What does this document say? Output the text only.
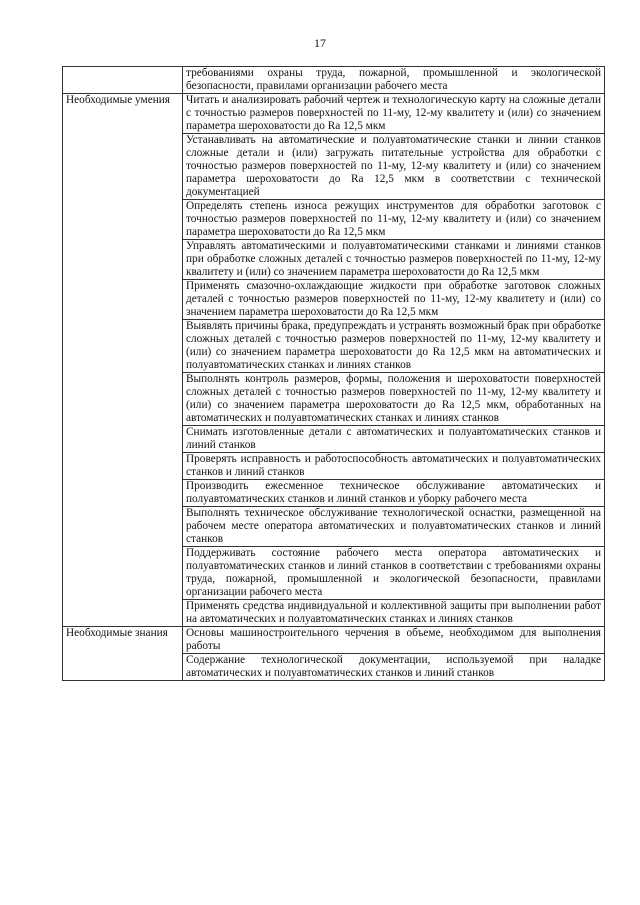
17
	требованиями охраны труда, пожарной, промышленной и экологической безопасности, правилами организации рабочего места
Необходимые умения	Читать и анализировать рабочий чертеж и технологическую карту на сложные детали с точностью размеров поверхностей по 11-му, 12-му квалитету и (или) со значением параметра шероховатости до Ra 12,5 мкм
	Устанавливать на автоматические и полуавтоматические станки и линии станков сложные детали и (или) загружать питательные устройства для обработки с точностью размеров поверхностей по 11-му, 12-му квалитету и (или) со значением параметра шероховатости до Ra 12,5 мкм в соответствии с технической документацией
	Определять степень износа режущих инструментов для обработки заготовок с точностью размеров поверхностей по 11-му, 12-му квалитету и (или) со значением параметра шероховатости до Ra 12,5 мкм
	Управлять автоматическими и полуавтоматическими станками и линиями станков при обработке сложных деталей с точностью размеров поверхностей по 11-му, 12-му квалитету и (или) со значением параметра шероховатости до Ra 12,5 мкм
	Применять смазочно-охлаждающие жидкости при обработке заготовок сложных деталей с точностью размеров поверхностей по 11-му, 12-му квалитету и (или) со значением параметра шероховатости до Ra 12,5 мкм
	Выявлять причины брака, предупреждать и устранять возможный брак при обработке сложных деталей с точностью размеров поверхностей по 11-му, 12-му квалитету и (или) со значением параметра шероховатости до Ra 12,5 мкм на автоматических и полуавтоматических станках и линиях станков
	Выполнять контроль размеров, формы, положения и шероховатости поверхностей сложных деталей с точностью размеров поверхностей по 11-му, 12-му квалитету и (или) со значением параметра шероховатости до Ra 12,5 мкм, обработанных на автоматических и полуавтоматических станках и линиях станков
	Снимать изготовленные детали с автоматических и полуавтоматических станков и линий станков
	Проверять исправность и работоспособность автоматических и полуавтоматических станков и линий станков
	Производить ежесменное техническое обслуживание автоматических и полуавтоматических станков и линий станков и уборку рабочего места
	Выполнять техническое обслуживание технологической оснастки, размещенной на рабочем месте оператора автоматических и полуавтоматических станков и линий станков
	Поддерживать состояние рабочего места оператора автоматических и полуавтоматических станков и линий станков в соответствии с требованиями охраны труда, пожарной, промышленной и экологической безопасности, правилами организации рабочего места
	Применять средства индивидуальной и коллективной защиты при выполнении работ на автоматических и полуавтоматических станках и линиях станков
Необходимые знания	Основы машиностроительного черчения в объеме, необходимом для выполнения работы
	Содержание технологической документации, используемой при наладке автоматических и полуавтоматических станков и линий станков
